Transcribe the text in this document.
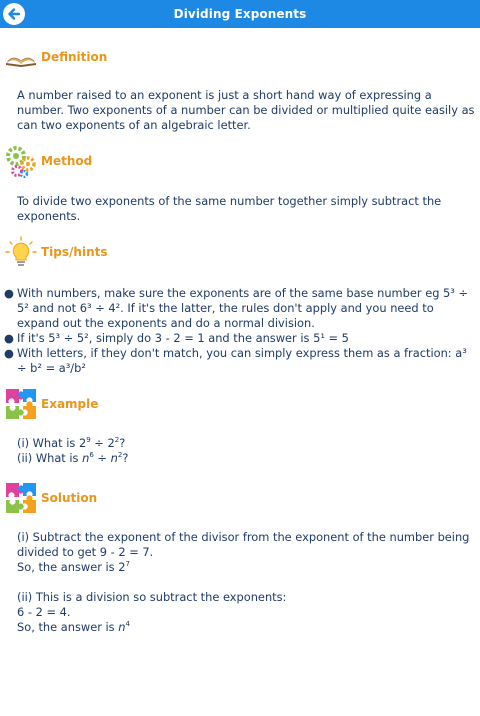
Dividing Exponents
Definition

A number raised to an exponent is just a short hand way of expressing a number. Two exponents of a number can be divided or multiplied quite easily as can two exponents of an algebraic letter.

Method

To divide two exponents of the same number together simply subtract the exponents.

Tips/hints
● With numbers, make sure the exponents are of the same base number eg 5³ ÷ 5² and not 6³ ÷ 4². If it's the latter, the rules don't apply and you need to expand out the exponents and do a normal division.
● If it's 5³ ÷ 5², simply do 3 - 2 = 1 and the answer is 5¹ = 5
● With letters, if they don't match, you can simply express them as a fraction: a³ ÷ b² = a³/b²
Example

(i) What is $2^9 \div 2^2$?

(ii) What is $n^6 \div n^2$?

Solution

(i) Subtract the exponent of the divisor from the exponent of the number being

divided to get 9 - 2 = 7.

So, the answer is $2^7$

(ii) This is a division so subtract the exponents:

6 - 2 = 4.

So, the answer is $n^4$
